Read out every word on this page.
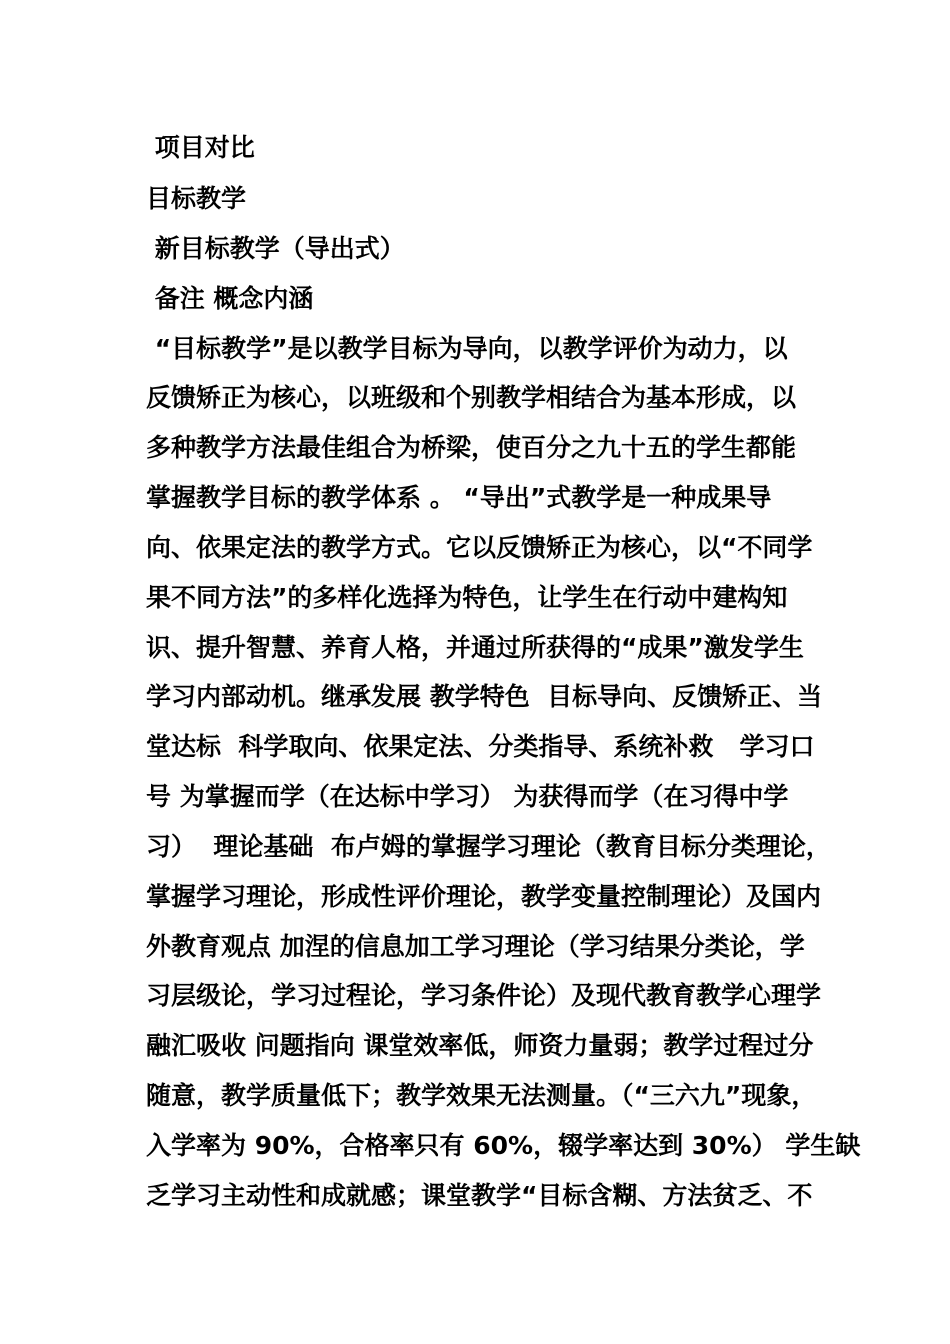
项目对比
目标教学
新目标教学（导出式）
备注 概念内涵
“目标教学”是以教学目标为导向，以教学评价为动力，以
反馈矫正为核心，以班级和个别教学相结合为基本形成，以
多种教学方法最佳组合为桥梁，使百分之九十五的学生都能
掌握教学目标的教学体系 。 “导出”式教学是一种成果导
向、依果定法的教学方式。它以反馈矫正为核心，以“不同学
果不同方法”的多样化选择为特色，让学生在行动中建构知
识、提升智慧、养育人格，并通过所获得的“成果”激发学生
学习内部动机。继承发展 教学特色  目标导向、反馈矫正、当
堂达标  科学取向、依果定法、分类指导、系统补救   学习口
号 为掌握而学（在达标中学习） 为获得而学（在习得中学
习）  理论基础  布卢姆的掌握学习理论（教育目标分类理论，
掌握学习理论，形成性评价理论，教学变量控制理论）及国内
外教育观点 加涅的信息加工学习理论（学习结果分类论，学
习层级论，学习过程论，学习条件论）及现代教育教学心理学
融汇吸收 问题指向 课堂效率低，师资力量弱；教学过程过分
随意，教学质量低下；教学效果无法测量。（“三六九”现象，
入学率为 90%，合格率只有 60%，辍学率达到 30%） 学生缺
乏学习主动性和成就感；课堂教学“目标含糊、方法贫乏、不
